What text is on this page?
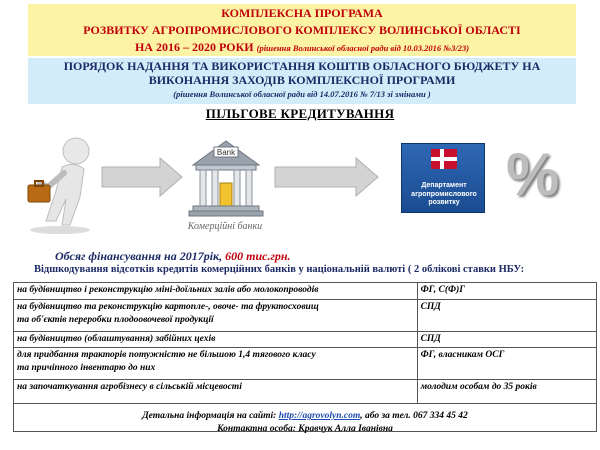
КОМПЛЕКСНА ПРОГРАМА
РОЗВИТКУ АГРОПРОМИСЛОВОГО КОМПЛЕКСУ ВОЛИНСЬКОЇ ОБЛАСТІ
НА 2016 – 2020 РОКИ (рішення Волинської обласної ради від 10.03.2016 №3/23)
ПОРЯДОК НАДАННЯ ТА ВИКОРИСТАННЯ КОШТІВ ОБЛАСНОГО БЮДЖЕТУ НА
ВИКОНАННЯ ЗАХОДІВ КОМПЛЕКСНОЇ ПРОГРАМИ
(рішення Волинської обласної ради від 14.07.2016 № 7/13 зі змінами )
ПІЛЬГОВЕ КРЕДИТУВАННЯ
Bank
Комерційні банки
Департамент агропромислового розвитку %
Обсяг фінансування на 2017рік, 600 тис.грн.
Відшкодування відсотків кредитів комерційних банків у національній валюті ( 2 облікові ставки НБУ:
на будівництво і реконструкцію міні-доїльних залів або молокопроводів	ФГ, С(Ф)Г

на будівництво та реконструкцію картопле-, овоче- та фруктосховищ
та об'єктів переробки плодоовочевої продукції	СПД
на будівництво (облаштування) забійних цехів	СПД

для придбання тракторів потужністю не більшою 1,4 тягового класу
та причіпного інвентарю до них	ФГ, власникам ОСГ
на започаткування агробізнесу в сільській місцевості	молодим особам до 35 років

Детальна інформація на сайті: http://agrovolyn.com, або за тел. 067 334 45 42
Контактна особа: Кравчук Алла Іванівна
